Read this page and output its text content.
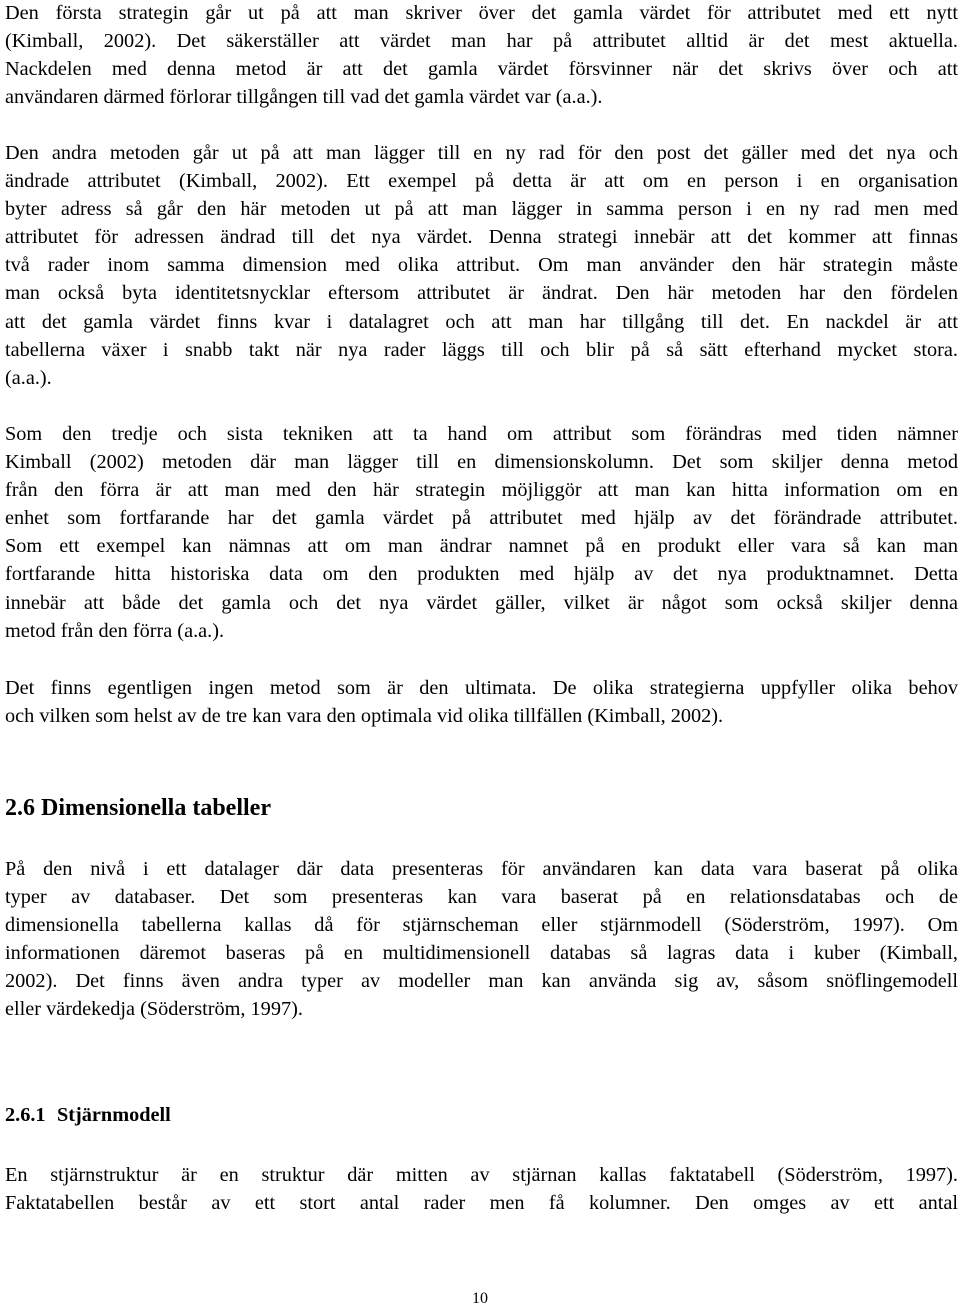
Den första strategin går ut på att man skriver över det gamla värdet för attributet med ett nytt
(Kimball, 2002). Det säkerställer att värdet man har på attributet alltid är det mest aktuella.
Nackdelen med denna metod är att det gamla värdet försvinner när det skrivs över och att
användaren därmed förlorar tillgången till vad det gamla värdet var (a.a.).
Den andra metoden går ut på att man lägger till en ny rad för den post det gäller med det nya och
ändrade attributet (Kimball, 2002). Ett exempel på detta är att om en person i en organisation
byter adress så går den här metoden ut på att man lägger in samma person i en ny rad men med
attributet för adressen ändrad till det nya värdet. Denna strategi innebär att det kommer att finnas
två rader inom samma dimension med olika attribut. Om man använder den här strategin måste
man också byta identitetsnycklar eftersom attributet är ändrat. Den här metoden har den fördelen
att det gamla värdet finns kvar i datalagret och att man har tillgång till det. En nackdel är att
tabellerna växer i snabb takt när nya rader läggs till och blir på så sätt efterhand mycket stora.
(a.a.).
Som den tredje och sista tekniken att ta hand om attribut som förändras med tiden nämner
Kimball (2002) metoden där man lägger till en dimensionskolumn. Det som skiljer denna metod
från den förra är att man med den här strategin möjliggör att man kan hitta information om en
enhet som fortfarande har det gamla värdet på attributet med hjälp av det förändrade attributet.
Som ett exempel kan nämnas att om man ändrar namnet på en produkt eller vara så kan man
fortfarande hitta historiska data om den produkten med hjälp av det nya produktnamnet. Detta
innebär att både det gamla och det nya värdet gäller, vilket är något som också skiljer denna
metod från den förra (a.a.).
Det finns egentligen ingen metod som är den ultimata. De olika strategierna uppfyller olika behov
och vilken som helst av de tre kan vara den optimala vid olika tillfällen (Kimball, 2002).
2.6 Dimensionella tabeller
På den nivå i ett datalager där data presenteras för användaren kan data vara baserat på olika
typer av databaser. Det som presenteras kan vara baserat på en relationsdatabas och de
dimensionella tabellerna kallas då för stjärnscheman eller stjärnmodell (Söderström, 1997). Om
informationen däremot baseras på en multidimensionell databas så lagras data i kuber (Kimball,
2002). Det finns även andra typer av modeller man kan använda sig av, såsom snöflingemodell
eller värdekedja (Söderström, 1997).
2.6.1 Stjärnmodell
En stjärnstruktur är en struktur där mitten av stjärnan kallas faktatabell (Söderström, 1997).
Faktatabellen består av ett stort antal rader men få kolumner. Den omges av ett antal
10
